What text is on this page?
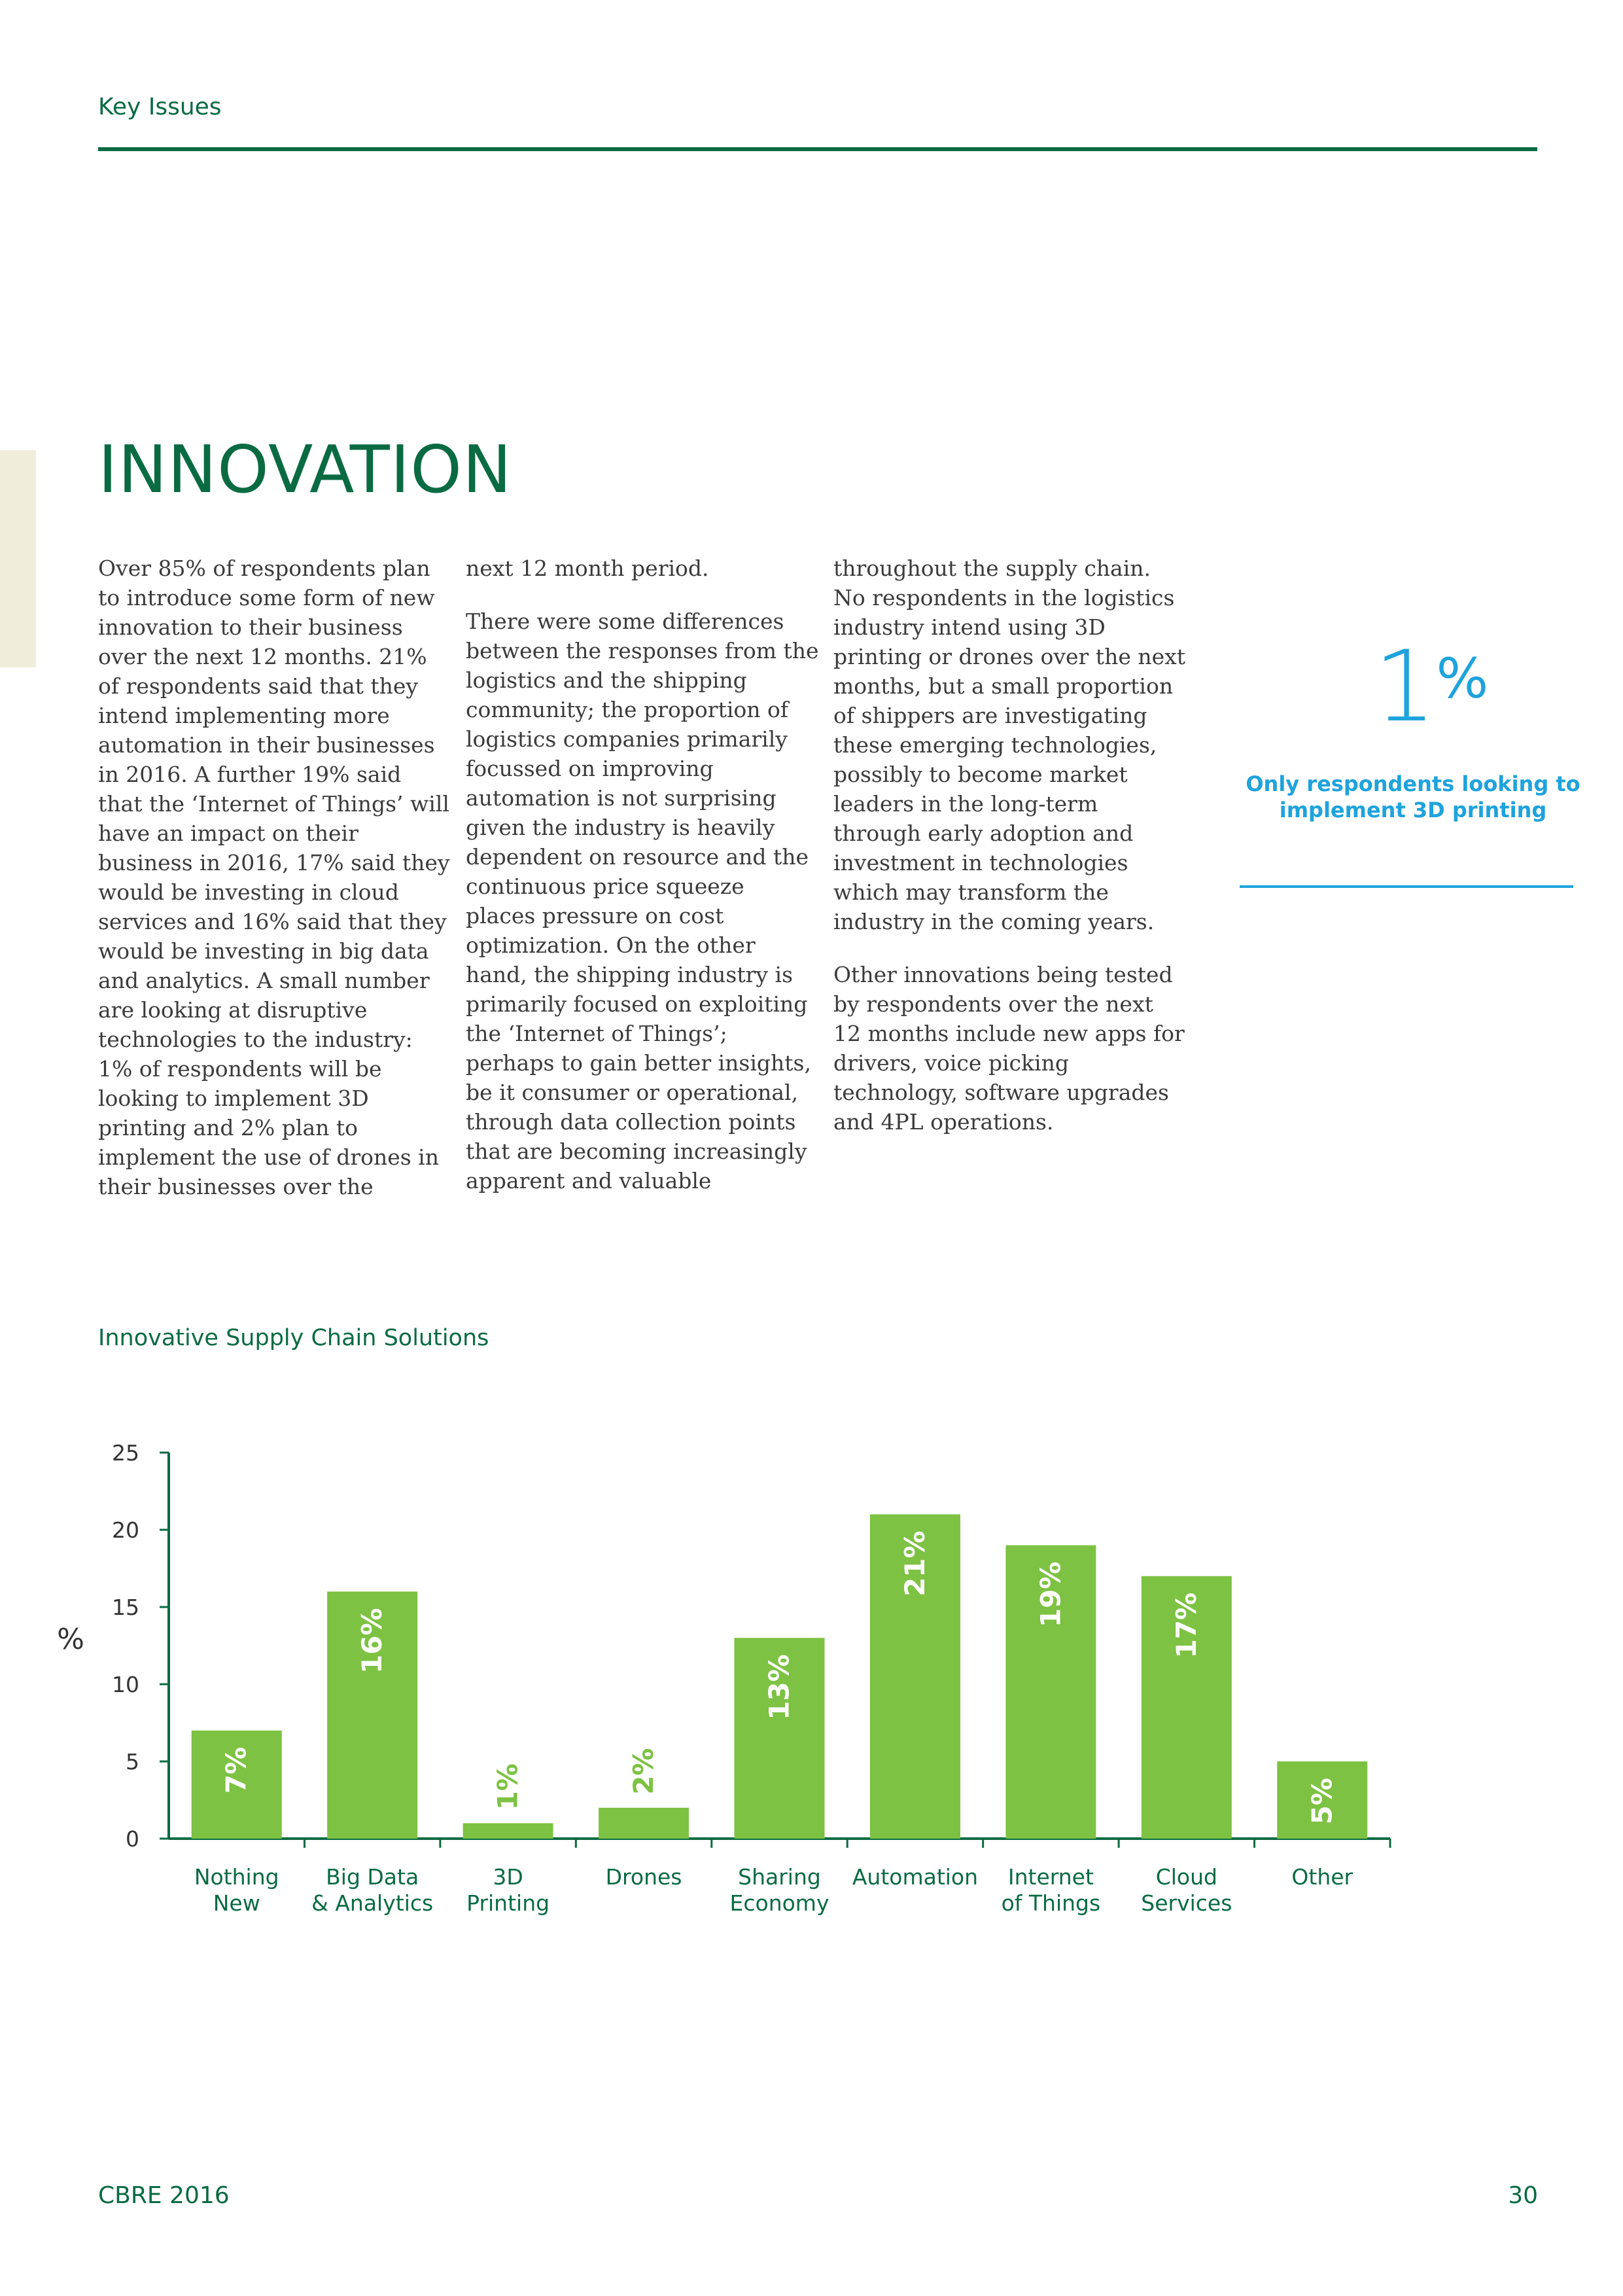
Key Issues
INNOVATION

Over 85% of respondents plan to introduce some form of new innovation to their business over the next 12 months. 21% of respondents said that they intend implementing more automation in their businesses in 2016. A further 19% said that the ‘Internet of Things’ will have an impact on their business in 2016, 17% said they would be investing in cloud services and 16% said that they would be investing in big data and analytics. A small number are looking at disruptive technologies to the industry: 1% of respondents will be looking to implement 3D printing and 2% plan to implement the use of drones in their businesses over the

next 12 month period.

There were some differences between the responses from the logistics and the shipping community; the proportion of logistics companies primarily focussed on improving automation is not surprising given the industry is heavily dependent on resource and the continuous price squeeze places pressure on cost optimization. On the other hand, the shipping industry is primarily focused on exploiting the ‘Internet of Things’; perhaps to gain better insights, be it consumer or operational, through data collection points that are becoming increasingly apparent and valuable

throughout the supply chain. No respondents in the logistics industry intend using 3D printing or drones over the next months, but a small proportion of shippers are investigating these emerging technologies, possibly to become market leaders in the long-term through early adoption and investment in technologies which may transform the industry in the coming years.

Other innovations being tested by respondents over the next 12 months include new apps for drivers, voice picking technology, software upgrades and 4PL operations.

1%
Only respondents looking to implement 3D printing
Innovative Supply Chain Solutions
0
5
10
15
20
25
%
7%
Nothing
New
16%
Big Data
& Analytics
1%
3D
Printing
2%
Drones
13%
Sharing
Economy
21%
Automation
19%
Internet
of Things
17%
Cloud
Services
5%
Other
CBRE 2016	30
